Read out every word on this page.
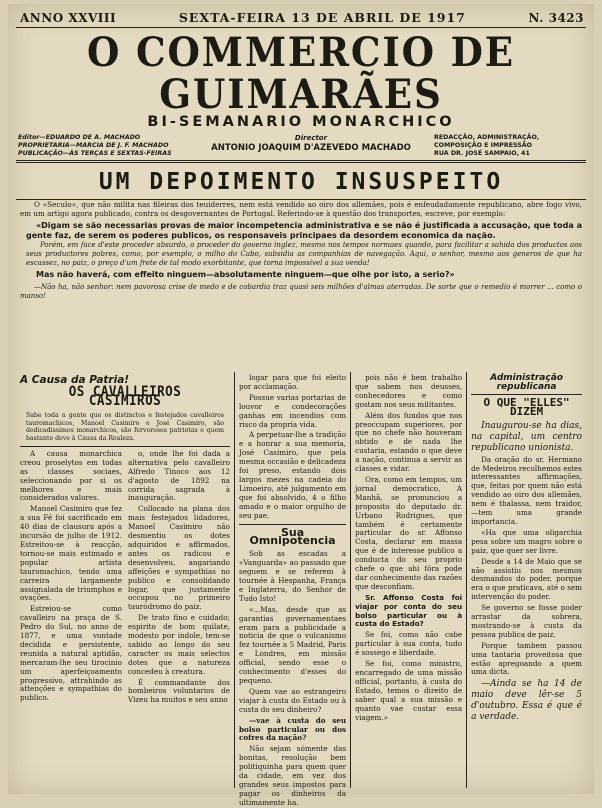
ANNO XXVIII	SEXTA-FEIRA 13 DE ABRIL DE 1917	N. 3423
O COMMERCIO DE GUIMARÃES
BI-SEMANARIO MONARCHICO
Editor—EDUARDO DE A. MACHADO
PROPRIETARIA—MARCIA DE J. F. MACHADO
PUBLICAÇÃO—ÀS TERÇAS E SEXTAS-FEIRAS
Director
ANTONIO JOAQUIM D'AZEVEDO MACHADO
REDACÇÃO, ADMINISTRAÇÃO, COMPOSIÇÃO E IMPRESSÃO
RUA DR. JOSÉ SAMPAIO, 41
UM DEPOIMENTO INSUSPEITO
O «Seculo», que não milita nas fileiras dos teuiderres, nem está vendido ao oiro dos allemães, pois é enfeudadamente republicano, abre fogo vivo, em um artigo agora publicado, contra os desgovernantes de Portugal. Referindo-se à questão dos transportes, escreve, por exemplo:
«Digam se são necessarias provas de maior incompetencia administrativa e se não é justificada a accusação, que toda a gente faz, de serem os poderes publicos, os responsaveis principaes da desordem economica da nação.
Porém, em face d'este proceder absurdo, o proceder do governo inglez, mesmo nos tempos normaes quando, para facilitar a sahida dos productos aos seus productores pobres, como, por exemplo, o milho do Cabo, subsidia as companhias de navegação. Aqui, o senhor, mesmo aos generos de que ha escassez, no paiz, o preço d'um frete de tal modo exorbitante, que torna impossivel a sua venda!
Mas não haverá, com effeito ninguem—absolutamente ninguem—que olhe por isto, a serio?»
—Não ha, não senhor: nem pavorosa crise de medo e de cobardia traz quasi seis milhões d'almas aterradas. De sorte que o remedio é morrer ... como o manso!
A Causa da Patria!
OS CAVALLEIROS CASIMIROS
Sabe toda a gente que os distinctos e festejados cavalleiros tauromachicos, Manoel Casimiro e José Casimiro, são dedicadissimos monarchicos, são fervorosos patriotas e quem bastante deve à Causa da Realeza.

A causa monarchica creou proselytos em todas as classes sociaes, seleccionando por si os melhores e mais considerados valores.

Manoel Casimiro que fez a sua Fé foi sacrificado em 40 dias de clausura após a incursão de julho de 1912. Estreitou-se à reacção, tornou-se mais estimado e popular artista tauromachico, tendo uma carreira largamente assignalada de triumphos e ovações.

Estreiou-se como cavalleiro na praça de S. Pedro do Sul, no anno de 1877, e uma vontade decidida e persistente, reunida a natural aptidão, mercaram-lhe seu tirocinio um aperfeiçoamento progressivo, attrahindo as attenções e sympathias do publico.

o, onde lhe foi dada a alternativa pelo cavalleiro Alfredo Tinoco aos 12 d'agosto de 1892 na corrida sagrada à inauguração.

Collocado na plana dos mais festejados lidadores, Manoel Casimiro não desmentiu os dotes adquiridos e affirmados, antes os radicou e desenvolveu, angariando affeições e sympathias no publico e consolidando logar, que justamente occupou no primeiro tauródromo do paiz.

De trato fino e cuidado; espirito de bom quilate, modesto por indole, tem-se sabido ao longo do seu caracter os mais selectos dotes que a natureza concedeu à creatura.

É commandante dos bombeiros voluntarios de Vizeu ha muitos e seu anno

logar para que foi eleito por acclamação.

Possue varias portarias de louvor e condecorações ganhas em incendios com risco da propria vida.

A perpetuar-lhe a tradição e a honrar a sua memoria, José Casimiro, que pela mesma occasião e delicadeza foi preso, estando dois largos mezes na cadeia do Limoeiro, até julgamento em que foi absolvido, 4 o filho amado e o maior orgulho de seu pae.

Sua Omnipotencia

Sob as escadas a «Vanguarda» ao passado que seguem e se referem à tournée à Hespanha, França e Inglaterra, do Senhor de Tudo Isto!

«...Mas, desde que as garantias governamentaes eram para a publicidade a noticia de que o vulcanismo fez tournée a 5 Madrid, Paris e Londres, em missão official, sendo esse o conhecimento d'esses do pequeno.

Quem vae ao estrangeiro viajar à custa do Estado ou à custa do seu dinheiro?

—vae à custa do seu bolso particular ou dos cofres da nação?

Não sejam sómente das bonitas, resolução bem politiquinha para quem quer da cidade, em vez dos grandes seus impostos para pagar os dinheiros da ultimamente ha.

pois não é bem trabalho que sabem nos deusses, conhecedores e como gostam nos seus militantes.

Além dos fundos que nos preoccupam superiores, por que no chefe não houveram obtido e de nada lhe custaria, estando o que deve a nação, continua a servir as classes e vidar.

Ora, como em tempos, um jornal democratico, A Manhã, se pronunciou a proposito do deputado dr. Urbano Rodrigues, que também é certamente particular do sr. Affonso Costa, declarar em massa que é de interesse publico a conducta do seu proprio chefe o que ahi fóra pode dar conhecimento das razões que desconfiam.

Sr. Affonso Costa foi viajar por conta do seu bolso particular ou à custa do Estado?

Se foi, como não cabe particular à sua conta, tudo é sossego e liberdade.

Se foi, como ministro, encarregado de uma missão official, portanto, à custa do Estado, temos o direito de saber qual a sua missão e quanto vae custar essa viagem.»

Administração republicana
O QUE "ELLES" DIZEM

Inaugurou-se ha dias, na capital, um centro republicano unionista.

Da oração do sr. Hermano de Medeiros recolhemos estes interessantes affirmações, que, feitas por quem não está vendido ao oiro dos allemães, nem é thalassa, nem traidor,—tem uma grande importancia.

«Ha que uma oligarchia pesa sobre um magro sobre o paiz, que quer ser livre.

Desde a 14 de Maio que se não assistiu nos mesmos desmandos do poder, porque era o que praticava, até o sem intervenção do poder.

Se governo se fosse poder arrastar da sobrera, mostrando-se à custa da pessoa publica de paiz.

Porque tambem passou uma tantaria proveitosa que estão apregoando a quem uma dicta.

—Ainda se ha 14 de maio deve lêr-se 5 d'outubro. Essa é que é a verdade.
